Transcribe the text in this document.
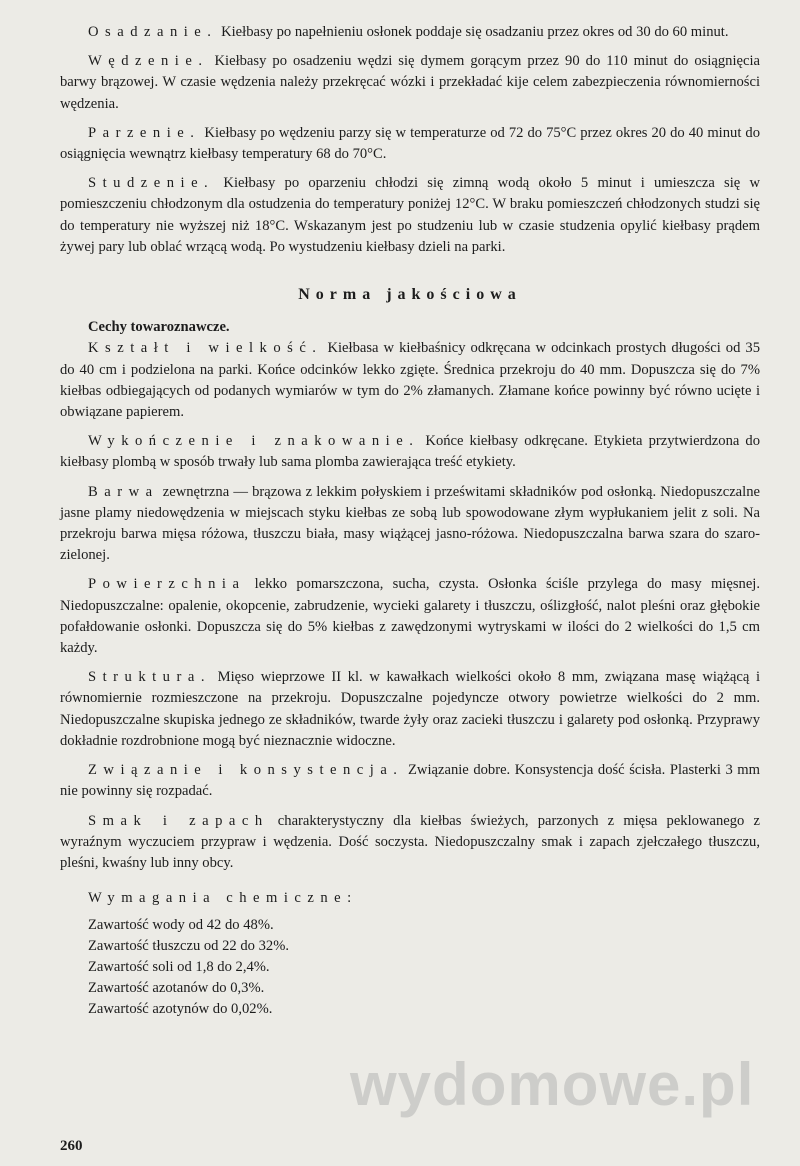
Osadzanie. Kiełbasy po napełnieniu osłonek poddaje się osadzaniu przez okres od 30 do 60 minut.

Wędzenie. Kiełbasy po osadzeniu wędzi się dymem gorącym przez 90 do 110 minut do osiągnięcia barwy brązowej. W czasie wędzenia należy przekręcać wózki i przekładać kije celem zabezpieczenia równomierności wędzenia.

Parzenie. Kiełbasy po wędzeniu parzy się w temperaturze od 72 do 75°C przez okres 20 do 40 minut do osiągnięcia wewnątrz kiełbasy temperatury 68 do 70°C.

Studzenie. Kiełbasy po oparzeniu chłodzi się zimną wodą około 5 minut i umieszcza się w pomieszczeniu chłodzonym dla ostudzenia do temperatury poniżej 12°C. W braku pomieszczeń chłodzonych studzi się do temperatury nie wyższej niż 18°C. Wskazanym jest po studzeniu lub w czasie studzenia opylić kiełbasy prądem żywej pary lub oblać wrzącą wodą. Po wystudzeniu kiełbasy dzieli na parki.

Norma jakościowa
Cechy towaroznawcze.

Kształt i wielkość. Kiełbasa w kiełbaśnicy odkręcana w odcinkach prostych długości od 35 do 40 cm i podzielona na parki. Końce odcinków lekko zgięte. Średnica przekroju do 40 mm. Dopuszcza się do 7% kiełbas odbiegających od podanych wymiarów w tym do 2% złamanych. Złamane końce powinny być równo ucięte i obwiązane papierem.

Wykończenie i znakowanie. Końce kiełbasy odkręcane. Etykieta przytwierdzona do kiełbasy plombą w sposób trwały lub sama plomba zawierająca treść etykiety.

Barwa zewnętrzna — brązowa z lekkim połyskiem i prześwitami składników pod osłonką. Niedopuszczalne jasne plamy niedowędzenia w miejscach styku kiełbas ze sobą lub spowodowane złym wypłukaniem jelit z soli. Na przekroju barwa mięsa różowa, tłuszczu biała, masy wiążącej jasno-różowa. Niedopuszczalna barwa szara do szaro-zielonej.

Powierzchnia lekko pomarszczona, sucha, czysta. Osłonka ściśle przylega do masy mięsnej. Niedopuszczalne: opalenie, okopcenie, zabrudzenie, wycieki galarety i tłuszczu, oślizgłość, nalot pleśni oraz głębokie pofałdowanie osłonki. Dopuszcza się do 5% kiełbas z zawędzonymi wytryskami w ilości do 2 wielkości do 1,5 cm każdy.

Struktura. Mięso wieprzowe II kl. w kawałkach wielkości około 8 mm, związana masę wiążącą i równomiernie rozmieszczone na przekroju. Dopuszczalne pojedyncze otwory powietrze wielkości do 2 mm. Niedopuszczalne skupiska jednego ze składników, twarde żyły oraz zacieki tłuszczu i galarety pod osłonką. Przyprawy dokładnie rozdrobnione mogą być nieznacznie widoczne.

Związanie i konsystencja. Związanie dobre. Konsystencja dość ścisła. Plasterki 3 mm nie powinny się rozpadać.

Smak i zapach charakterystyczny dla kiełbas świeżych, parzonych z mięsa peklowanego z wyraźnym wyczuciem przypraw i wędzenia. Dość soczysta. Niedopuszczalny smak i zapach zjełczałego tłuszczu, pleśni, kwaśny lub inny obcy.

Wymagania chemiczne:
Zawartość wody od 42 do 48%.
Zawartość tłuszczu od 22 do 32%.
Zawartość soli od 1,8 do 2,4%.
Zawartość azotanów do 0,3%.
Zawartość azotynów do 0,02%.
wydomowe.pl
260
